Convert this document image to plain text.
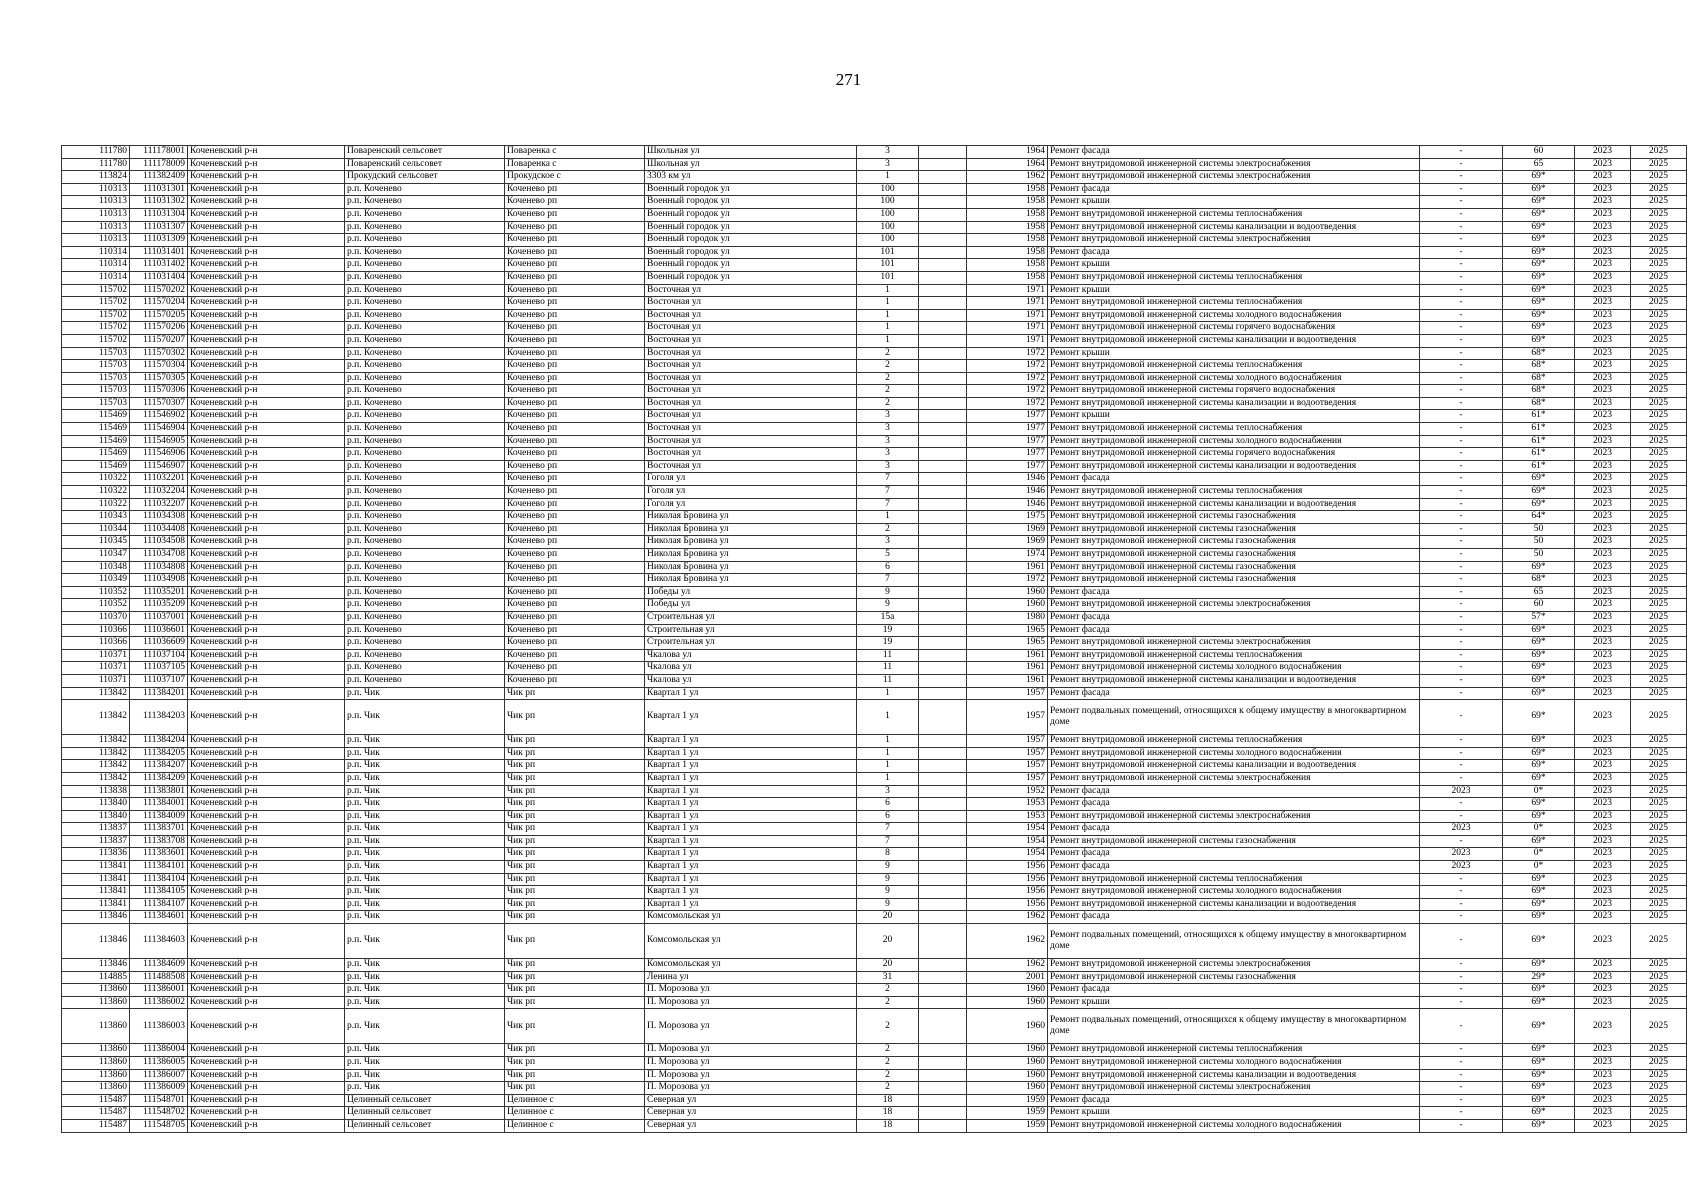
271
111780	111178001	Коченевский р-н	Поваренский сельсовет	Поваренка с	Школьная ул	3		1964	Ремонт фасада	-	60	2023	2025
111780	111178009	Коченевский р-н	Поваренский сельсовет	Поваренка с	Школьная ул	3		1964	Ремонт внутридомовой инженерной системы электроснабжения	-	65	2023	2025
113824	111382409	Коченевский р-н	Прокудский сельсовет	Прокудское с	3303 км ул	1		1962	Ремонт внутридомовой инженерной системы электроснабжения	-	69*	2023	2025
110313	111031301	Коченевский р-н	р.п. Коченево	Коченево рп	Военный городок ул	100		1958	Ремонт фасада	-	69*	2023	2025
110313	111031302	Коченевский р-н	р.п. Коченево	Коченево рп	Военный городок ул	100		1958	Ремонт крыши	-	69*	2023	2025
110313	111031304	Коченевский р-н	р.п. Коченево	Коченево рп	Военный городок ул	100		1958	Ремонт внутридомовой инженерной системы теплоснабжения	-	69*	2023	2025
110313	111031307	Коченевский р-н	р.п. Коченево	Коченево рп	Военный городок ул	100		1958	Ремонт внутридомовой инженерной системы канализации и водоотведения	-	69*	2023	2025
110313	111031309	Коченевский р-н	р.п. Коченево	Коченево рп	Военный городок ул	100		1958	Ремонт внутридомовой инженерной системы электроснабжения	-	69*	2023	2025
110314	111031401	Коченевский р-н	р.п. Коченево	Коченево рп	Военный городок ул	101		1958	Ремонт фасада	-	69*	2023	2025
110314	111031402	Коченевский р-н	р.п. Коченево	Коченево рп	Военный городок ул	101		1958	Ремонт крыши	-	69*	2023	2025
110314	111031404	Коченевский р-н	р.п. Коченево	Коченево рп	Военный городок ул	101		1958	Ремонт внутридомовой инженерной системы теплоснабжения	-	69*	2023	2025
115702	111570202	Коченевский р-н	р.п. Коченево	Коченево рп	Восточная ул	1		1971	Ремонт крыши	-	69*	2023	2025
115702	111570204	Коченевский р-н	р.п. Коченево	Коченево рп	Восточная ул	1		1971	Ремонт внутридомовой инженерной системы теплоснабжения	-	69*	2023	2025
115702	111570205	Коченевский р-н	р.п. Коченево	Коченево рп	Восточная ул	1		1971	Ремонт внутридомовой инженерной системы холодного водоснабжения	-	69*	2023	2025
115702	111570206	Коченевский р-н	р.п. Коченево	Коченево рп	Восточная ул	1		1971	Ремонт внутридомовой инженерной системы горячего водоснабжения	-	69*	2023	2025
115702	111570207	Коченевский р-н	р.п. Коченево	Коченево рп	Восточная ул	1		1971	Ремонт внутридомовой инженерной системы канализации и водоотведения	-	69*	2023	2025
115703	111570302	Коченевский р-н	р.п. Коченево	Коченево рп	Восточная ул	2		1972	Ремонт крыши	-	68*	2023	2025
115703	111570304	Коченевский р-н	р.п. Коченево	Коченево рп	Восточная ул	2		1972	Ремонт внутридомовой инженерной системы теплоснабжения	-	68*	2023	2025
115703	111570305	Коченевский р-н	р.п. Коченево	Коченево рп	Восточная ул	2		1972	Ремонт внутридомовой инженерной системы холодного водоснабжения	-	68*	2023	2025
115703	111570306	Коченевский р-н	р.п. Коченево	Коченево рп	Восточная ул	2		1972	Ремонт внутридомовой инженерной системы горячего водоснабжения	-	68*	2023	2025
115703	111570307	Коченевский р-н	р.п. Коченево	Коченево рп	Восточная ул	2		1972	Ремонт внутридомовой инженерной системы канализации и водоотведения	-	68*	2023	2025
115469	111546902	Коченевский р-н	р.п. Коченево	Коченево рп	Восточная ул	3		1977	Ремонт крыши	-	61*	2023	2025
115469	111546904	Коченевский р-н	р.п. Коченево	Коченево рп	Восточная ул	3		1977	Ремонт внутридомовой инженерной системы теплоснабжения	-	61*	2023	2025
115469	111546905	Коченевский р-н	р.п. Коченево	Коченево рп	Восточная ул	3		1977	Ремонт внутридомовой инженерной системы холодного водоснабжения	-	61*	2023	2025
115469	111546906	Коченевский р-н	р.п. Коченево	Коченево рп	Восточная ул	3		1977	Ремонт внутридомовой инженерной системы горячего водоснабжения	-	61*	2023	2025
115469	111546907	Коченевский р-н	р.п. Коченево	Коченево рп	Восточная ул	3		1977	Ремонт внутридомовой инженерной системы канализации и водоотведения	-	61*	2023	2025
110322	111032201	Коченевский р-н	р.п. Коченево	Коченево рп	Гоголя ул	7		1946	Ремонт фасада	-	69*	2023	2025
110322	111032204	Коченевский р-н	р.п. Коченево	Коченево рп	Гоголя ул	7		1946	Ремонт внутридомовой инженерной системы теплоснабжения	-	69*	2023	2025
110322	111032207	Коченевский р-н	р.п. Коченево	Коченево рп	Гоголя ул	7		1946	Ремонт внутридомовой инженерной системы канализации и водоотведения	-	69*	2023	2025
110343	111034308	Коченевский р-н	р.п. Коченево	Коченево рп	Николая Бровина ул	1		1975	Ремонт внутридомовой инженерной системы газоснабжения	-	64*	2023	2025
110344	111034408	Коченевский р-н	р.п. Коченево	Коченево рп	Николая Бровина ул	2		1969	Ремонт внутридомовой инженерной системы газоснабжения	-	50	2023	2025
110345	111034508	Коченевский р-н	р.п. Коченево	Коченево рп	Николая Бровина ул	3		1969	Ремонт внутридомовой инженерной системы газоснабжения	-	50	2023	2025
110347	111034708	Коченевский р-н	р.п. Коченево	Коченево рп	Николая Бровина ул	5		1974	Ремонт внутридомовой инженерной системы газоснабжения	-	50	2023	2025
110348	111034808	Коченевский р-н	р.п. Коченево	Коченево рп	Николая Бровина ул	6		1961	Ремонт внутридомовой инженерной системы газоснабжения	-	69*	2023	2025
110349	111034908	Коченевский р-н	р.п. Коченево	Коченево рп	Николая Бровина ул	7		1972	Ремонт внутридомовой инженерной системы газоснабжения	-	68*	2023	2025
110352	111035201	Коченевский р-н	р.п. Коченево	Коченево рп	Победы ул	9		1960	Ремонт фасада	-	65	2023	2025
110352	111035209	Коченевский р-н	р.п. Коченево	Коченево рп	Победы ул	9		1960	Ремонт внутридомовой инженерной системы электроснабжения	-	60	2023	2025
110370	111037001	Коченевский р-н	р.п. Коченево	Коченево рп	Строительная ул	15а		1980	Ремонт фасада	-	57*	2023	2025
110366	111036601	Коченевский р-н	р.п. Коченево	Коченево рп	Строительная ул	19		1965	Ремонт фасада	-	69*	2023	2025
110366	111036609	Коченевский р-н	р.п. Коченево	Коченево рп	Строительная ул	19		1965	Ремонт внутридомовой инженерной системы электроснабжения	-	69*	2023	2025
110371	111037104	Коченевский р-н	р.п. Коченево	Коченево рп	Чкалова ул	11		1961	Ремонт внутридомовой инженерной системы теплоснабжения	-	69*	2023	2025
110371	111037105	Коченевский р-н	р.п. Коченево	Коченево рп	Чкалова ул	11		1961	Ремонт внутридомовой инженерной системы холодного водоснабжения	-	69*	2023	2025
110371	111037107	Коченевский р-н	р.п. Коченево	Коченево рп	Чкалова ул	11		1961	Ремонт внутридомовой инженерной системы канализации и водоотведения	-	69*	2023	2025
113842	111384201	Коченевский р-н	р.п. Чик	Чик рп	Квартал 1 ул	1		1957	Ремонт фасада	-	69*	2023	2025
113842	111384203	Коченевский р-н	р.п. Чик	Чик рп	Квартал 1 ул	1		1957	Ремонт подвальных помещений, относящихся к общему имуществу в многоквартирном доме	-	69*	2023	2025
113842	111384204	Коченевский р-н	р.п. Чик	Чик рп	Квартал 1 ул	1		1957	Ремонт внутридомовой инженерной системы теплоснабжения	-	69*	2023	2025
113842	111384205	Коченевский р-н	р.п. Чик	Чик рп	Квартал 1 ул	1		1957	Ремонт внутридомовой инженерной системы холодного водоснабжения	-	69*	2023	2025
113842	111384207	Коченевский р-н	р.п. Чик	Чик рп	Квартал 1 ул	1		1957	Ремонт внутридомовой инженерной системы канализации и водоотведения	-	69*	2023	2025
113842	111384209	Коченевский р-н	р.п. Чик	Чик рп	Квартал 1 ул	1		1957	Ремонт внутридомовой инженерной системы электроснабжения	-	69*	2023	2025
113838	111383801	Коченевский р-н	р.п. Чик	Чик рп	Квартал 1 ул	3		1952	Ремонт фасада	2023	0*	2023	2025
113840	111384001	Коченевский р-н	р.п. Чик	Чик рп	Квартал 1 ул	6		1953	Ремонт фасада	-	69*	2023	2025
113840	111384009	Коченевский р-н	р.п. Чик	Чик рп	Квартал 1 ул	6		1953	Ремонт внутридомовой инженерной системы электроснабжения	-	69*	2023	2025
113837	111383701	Коченевский р-н	р.п. Чик	Чик рп	Квартал 1 ул	7		1954	Ремонт фасада	2023	0*	2023	2025
113837	111383708	Коченевский р-н	р.п. Чик	Чик рп	Квартал 1 ул	7		1954	Ремонт внутридомовой инженерной системы газоснабжения	-	69*	2023	2025
113836	111383601	Коченевский р-н	р.п. Чик	Чик рп	Квартал 1 ул	8		1954	Ремонт фасада	2023	0*	2023	2025
113841	111384101	Коченевский р-н	р.п. Чик	Чик рп	Квартал 1 ул	9		1956	Ремонт фасада	2023	0*	2023	2025
113841	111384104	Коченевский р-н	р.п. Чик	Чик рп	Квартал 1 ул	9		1956	Ремонт внутридомовой инженерной системы теплоснабжения	-	69*	2023	2025
113841	111384105	Коченевский р-н	р.п. Чик	Чик рп	Квартал 1 ул	9		1956	Ремонт внутридомовой инженерной системы холодного водоснабжения	-	69*	2023	2025
113841	111384107	Коченевский р-н	р.п. Чик	Чик рп	Квартал 1 ул	9		1956	Ремонт внутридомовой инженерной системы канализации и водоотведения	-	69*	2023	2025
113846	111384601	Коченевский р-н	р.п. Чик	Чик рп	Комсомольская ул	20		1962	Ремонт фасада	-	69*	2023	2025
113846	111384603	Коченевский р-н	р.п. Чик	Чик рп	Комсомольская ул	20		1962	Ремонт подвальных помещений, относящихся к общему имуществу в многоквартирном доме	-	69*	2023	2025
113846	111384609	Коченевский р-н	р.п. Чик	Чик рп	Комсомольская ул	20		1962	Ремонт внутридомовой инженерной системы электроснабжения	-	69*	2023	2025
114885	111488508	Коченевский р-н	р.п. Чик	Чик рп	Ленина ул	31		2001	Ремонт внутридомовой инженерной системы газоснабжения	-	29*	2023	2025
113860	111386001	Коченевский р-н	р.п. Чик	Чик рп	П. Морозова ул	2		1960	Ремонт фасада	-	69*	2023	2025
113860	111386002	Коченевский р-н	р.п. Чик	Чик рп	П. Морозова ул	2		1960	Ремонт крыши	-	69*	2023	2025
113860	111386003	Коченевский р-н	р.п. Чик	Чик рп	П. Морозова ул	2		1960	Ремонт подвальных помещений, относящихся к общему имуществу в многоквартирном доме	-	69*	2023	2025
113860	111386004	Коченевский р-н	р.п. Чик	Чик рп	П. Морозова ул	2		1960	Ремонт внутридомовой инженерной системы теплоснабжения	-	69*	2023	2025
113860	111386005	Коченевский р-н	р.п. Чик	Чик рп	П. Морозова ул	2		1960	Ремонт внутридомовой инженерной системы холодного водоснабжения	-	69*	2023	2025
113860	111386007	Коченевский р-н	р.п. Чик	Чик рп	П. Морозова ул	2		1960	Ремонт внутридомовой инженерной системы канализации и водоотведения	-	69*	2023	2025
113860	111386009	Коченевский р-н	р.п. Чик	Чик рп	П. Морозова ул	2		1960	Ремонт внутридомовой инженерной системы электроснабжения	-	69*	2023	2025
115487	111548701	Коченевский р-н	Целинный сельсовет	Целинное с	Северная ул	18		1959	Ремонт фасада	-	69*	2023	2025
115487	111548702	Коченевский р-н	Целинный сельсовет	Целинное с	Северная ул	18		1959	Ремонт крыши	-	69*	2023	2025
115487	111548705	Коченевский р-н	Целинный сельсовет	Целинное с	Северная ул	18		1959	Ремонт внутридомовой инженерной системы холодного водоснабжения	-	69*	2023	2025
